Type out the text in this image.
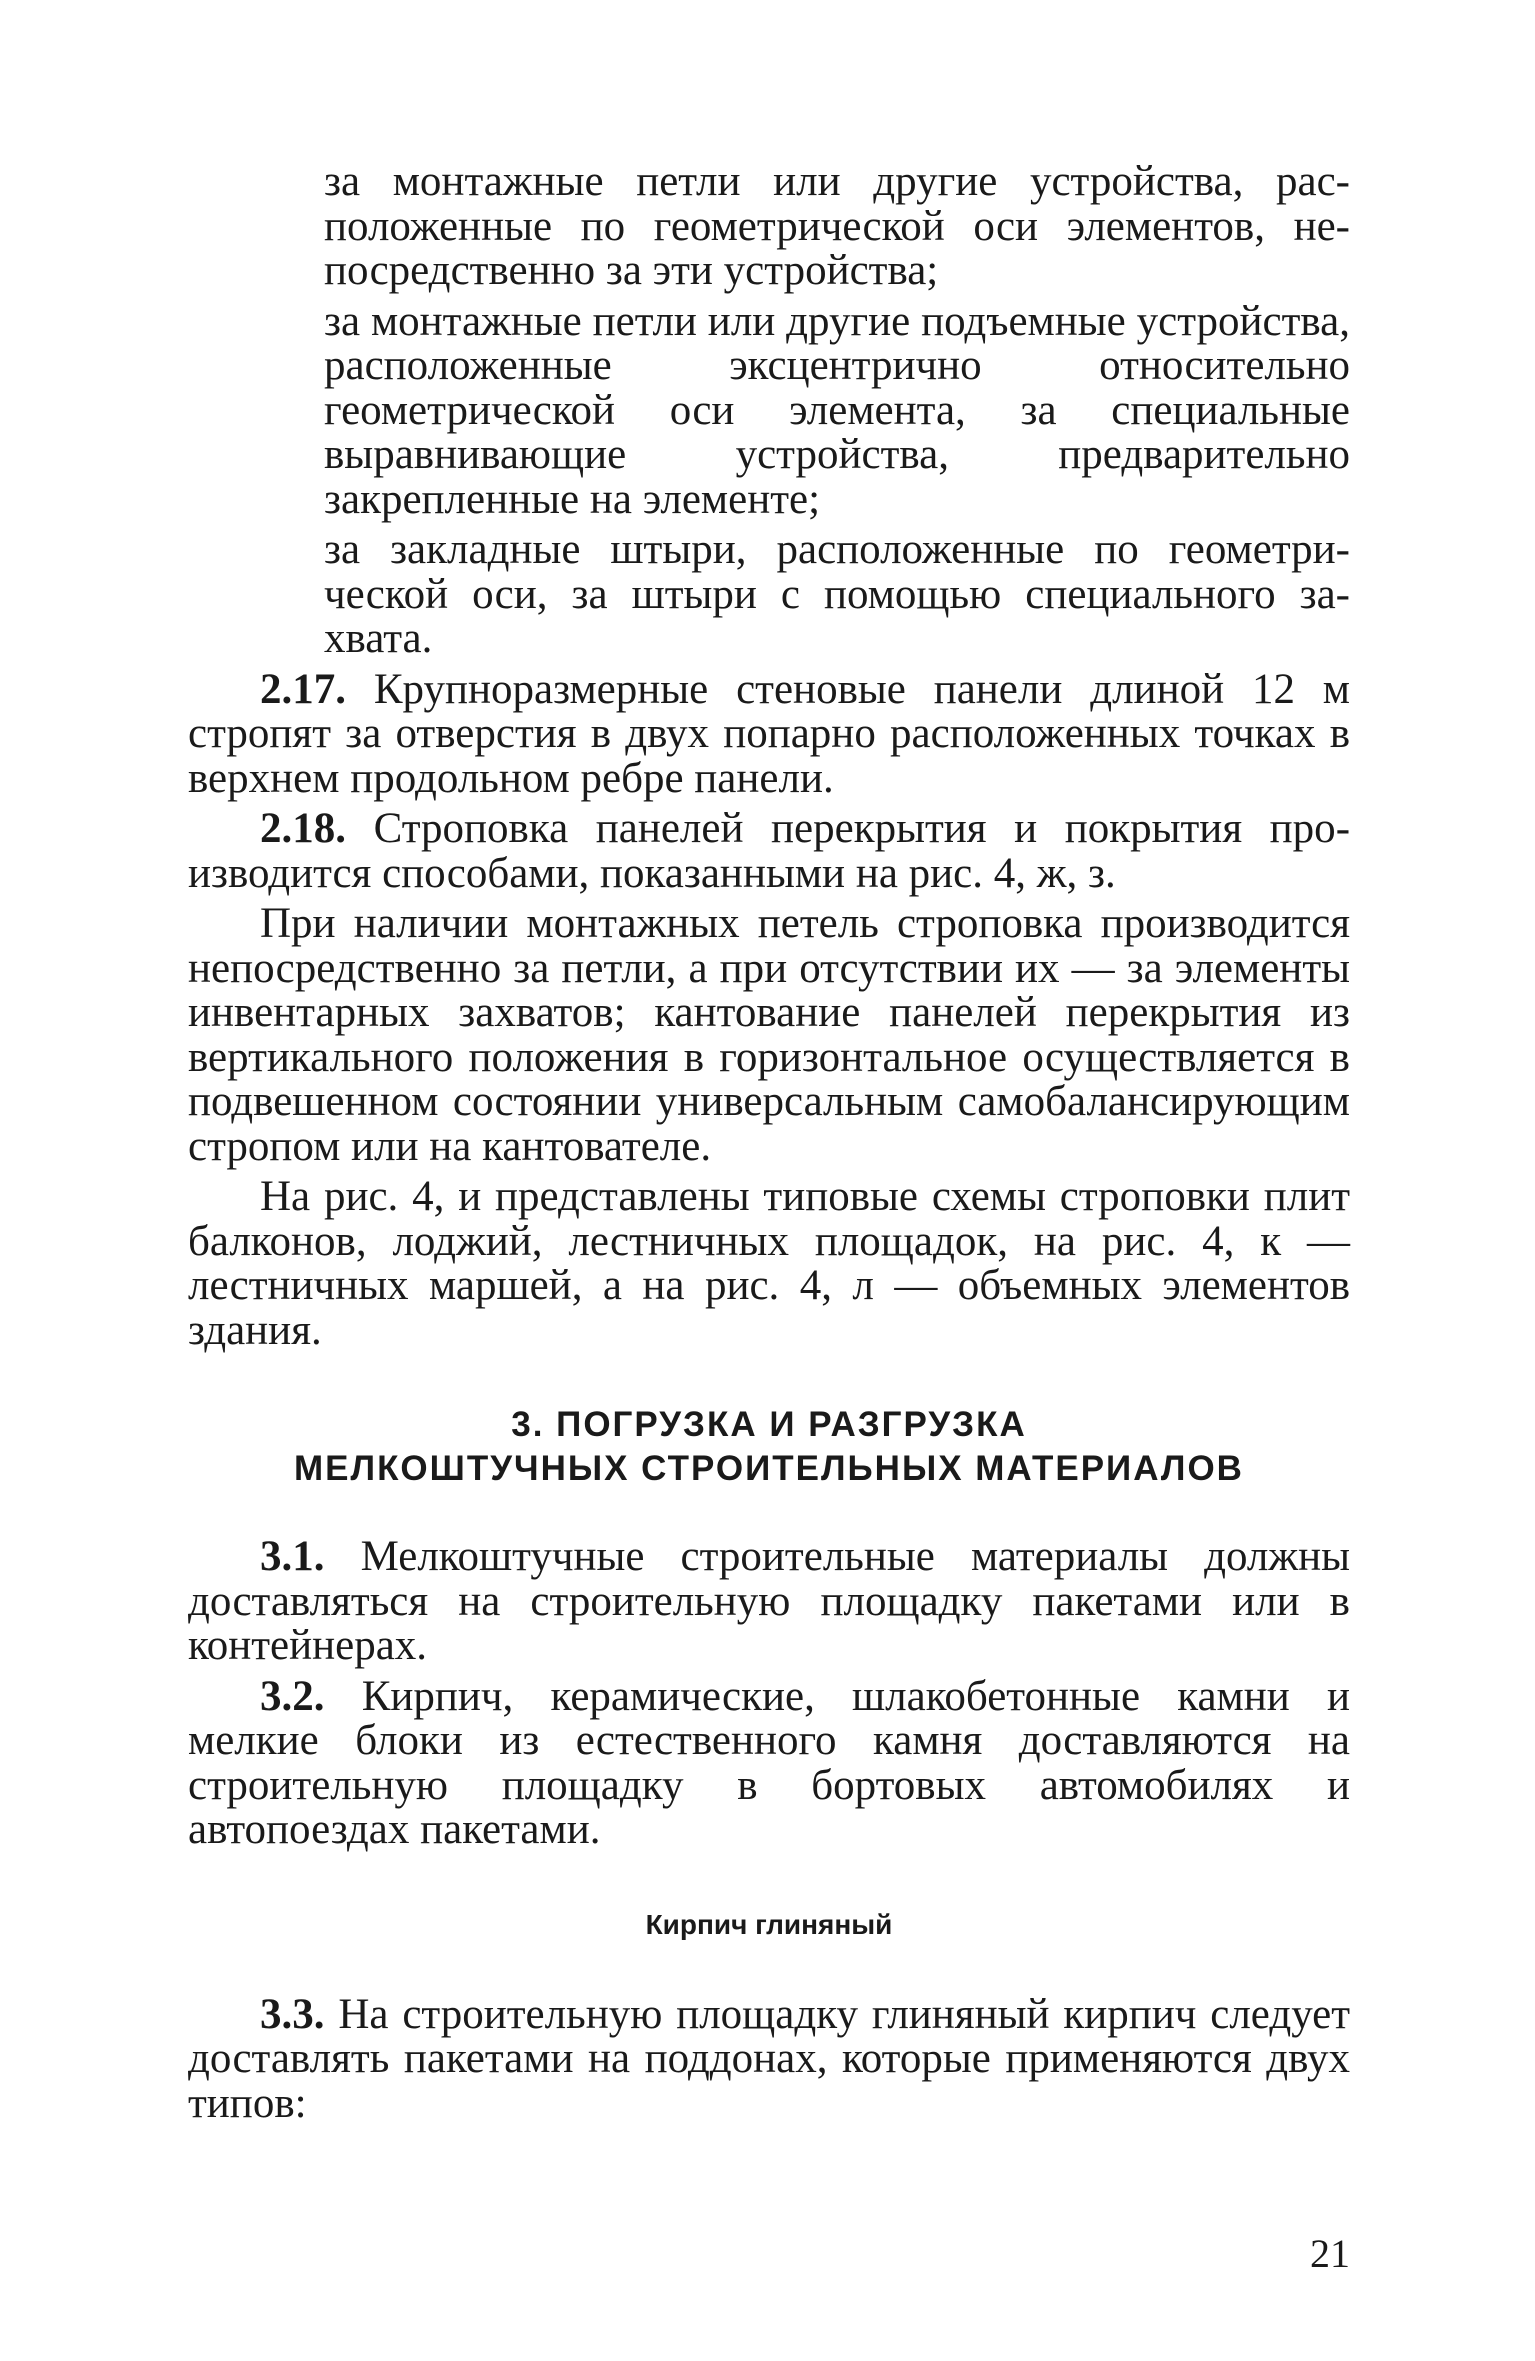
за монтажные петли или другие устройства, расположенные по геометрической оси элементов, непосредственно за эти устройства;

за монтажные петли или другие подъемные устройства, расположенные эксцентрично относительно геометрической оси элемента, за специальные выравнивающие устройства, предварительно закрепленные на элементе;

за закладные штыри, расположенные по геометрической оси, за штыри с помощью специального захвата.

2.17. Крупноразмерные стеновые панели длиной 12 м стропят за отверстия в двух попарно расположенных точках в верхнем продольном ребре панели.

2.18. Строповка панелей перекрытия и покрытия производится способами, показанными на рис. 4, ж, з.

При наличии монтажных петель строповка производится непосредственно за петли, а при отсутствии их — за элементы инвентарных захватов; кантование панелей перекрытия из вертикального положения в горизонтальное осуществляется в подвешенном состоянии универсальным самобалансирующим стропом или на кантователе.

На рис. 4, и представлены типовые схемы строповки плит балконов, лоджий, лестничных площадок, на рис. 4, к — лестничных маршей, а на рис. 4, л — объемных элементов здания.

3. ПОГРУЗКА И РАЗГРУЗКА
МЕЛКОШТУЧНЫХ СТРОИТЕЛЬНЫХ МАТЕРИАЛОВ

3.1. Мелкоштучные строительные материалы должны доставляться на строительную площадку пакетами или в контейнерах.

3.2. Кирпич, керамические, шлакобетонные камни и мелкие блоки из естественного камня доставляются на строительную площадку в бортовых автомобилях и автопоездах пакетами.

Кирпич глиняный

3.3. На строительную площадку глиняный кирпич следует доставлять пакетами на поддонах, которые применяются двух типов:

21
